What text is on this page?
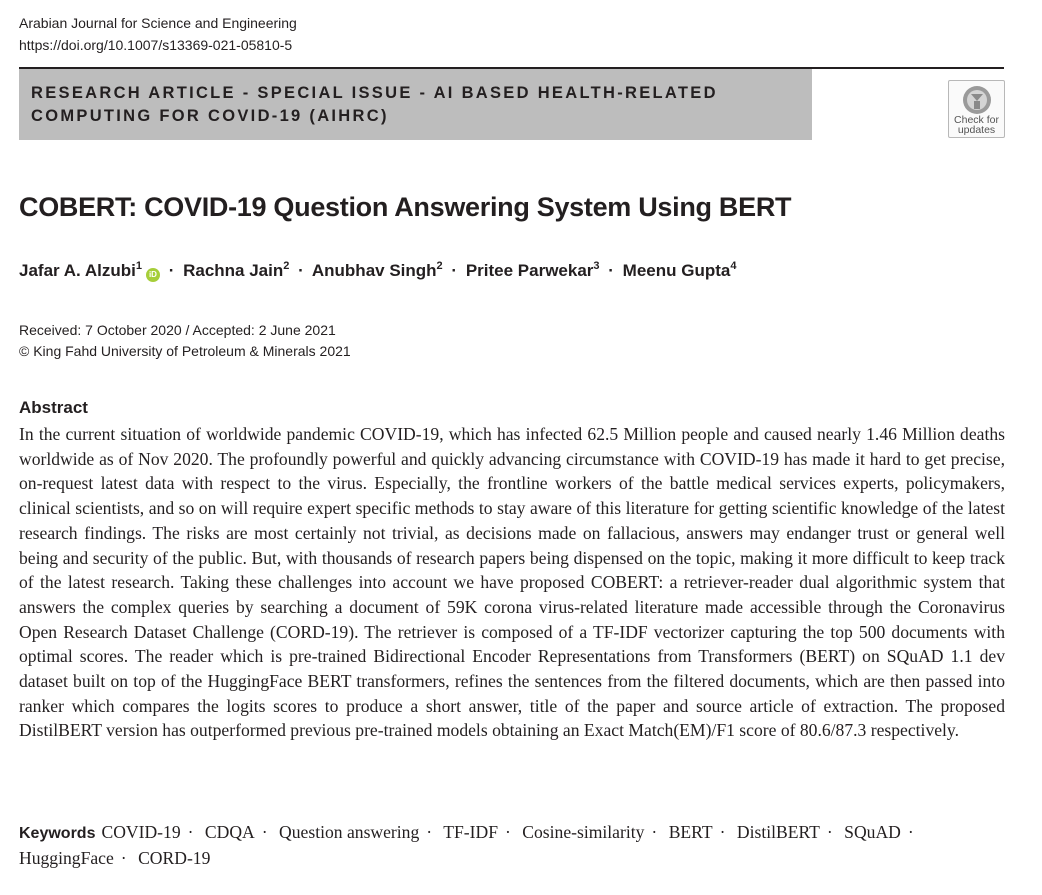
Arabian Journal for Science and Engineering
https://doi.org/10.1007/s13369-021-05810-5
RESEARCH ARTICLE - SPECIAL ISSUE - AI BASED HEALTH-RELATED
COMPUTING FOR COVID-19 (AIHRC)	Check for
updates
COBERT: COVID-19 Question Answering System Using BERT
Jafar A. Alzubi$^1$iD · Rachna Jain$^2$ · Anubhav Singh$^2$ · Pritee Parwekar$^3$ · Meenu Gupta$^4$
Received: 7 October 2020 / Accepted: 2 June 2021
© King Fahd University of Petroleum & Minerals 2021
Abstract

In the current situation of worldwide pandemic COVID-19, which has infected 62.5 Million people and caused nearly 1.46 Million deaths worldwide as of Nov 2020. The profoundly powerful and quickly advancing circumstance with COVID-19 has made it hard to get precise, on-request latest data with respect to the virus. Especially, the frontline workers of the battle medical services experts, policymakers, clinical scientists, and so on will require expert specific methods to stay aware of this literature for getting scientific knowledge of the latest research findings. The risks are most certainly not trivial, as decisions made on fallacious, answers may endanger trust or general well being and security of the public. But, with thousands of research papers being dispensed on the topic, making it more difficult to keep track of the latest research. Taking these challenges into account we have proposed COBERT: a retriever-reader dual algorithmic system that answers the complex queries by searching a document of 59K corona virus-related literature made accessible through the Coronavirus Open Research Dataset Challenge (CORD-19). The retriever is composed of a TF-IDF vectorizer capturing the top 500 documents with optimal scores. The reader which is pre-trained Bidirectional Encoder Representations from Transformers (BERT) on SQuAD 1.1 dev dataset built on top of the HuggingFace BERT transformers, refines the sentences from the filtered documents, which are then passed into ranker which compares the logits scores to produce a short answer, title of the paper and source article of extraction. The proposed DistilBERT version has outperformed previous pre-trained models obtaining an Exact Match(EM)/F1 score of 80.6/87.3 respectively.

Keywords COVID-19 · CDQA · Question answering · TF-IDF · Cosine-similarity · BERT · DistilBERT · SQuAD · HuggingFace · CORD-19
